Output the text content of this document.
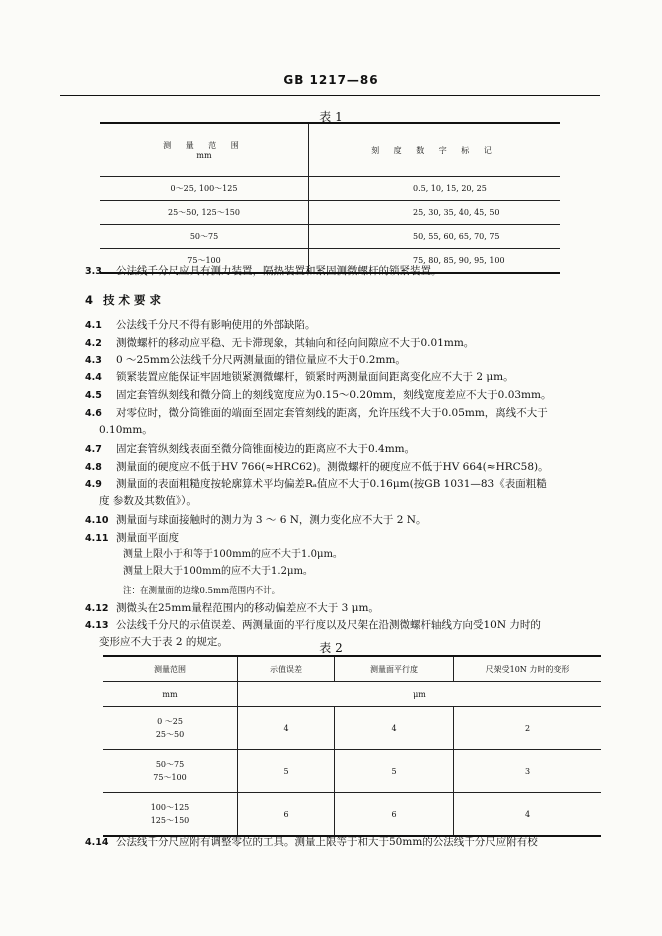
GB 1217—86
表 1
测 量 范 围
mm	刻 度 数 字 标 记
0～25, 100～125	0.5, 10, 15, 20, 25
25～50, 125～150	25, 30, 35, 40, 45, 50
50～75	50, 55, 60, 65, 70, 75
75～100	75, 80, 85, 90, 95, 100
3.3 公法线千分尺应具有测力装置，隔热装置和紧固测微螺杆的锁紧装置。
4 技 术 要 求
4.1 公法线千分尺不得有影响使用的外部缺陷。
4.2 测微螺杆的移动应平稳、无卡滞现象，其轴向和径向间隙应不大于0.01mm。
4.3 0 ～25mm公法线千分尺两测量面的错位量应不大于0.2mm。
4.4 锁紧装置应能保证牢固地锁紧测微螺杆，锁紧时两测量面间距离变化应不大于 2 μm。
4.5 固定套管纵刻线和微分筒上的刻线宽度应为0.15～0.20mm，刻线宽度差应不大于0.03mm。
4.6 对零位时，微分筒锥面的端面至固定套管刻线的距离，允许压线不大于0.05mm，离线不大于
0.10mm。
4.7 固定套管纵刻线表面至微分筒锥面棱边的距离应不大于0.4mm。
4.8 测量面的硬度应不低于HV 766(≈HRC62)。测微螺杆的硬度应不低于HV 664(≈HRC58)。
4.9 测量面的表面粗糙度按轮廓算术平均偏差Rₐ值应不大于0.16μm(按GB 1031—83《表面粗糙
度 参数及其数值》）。
4.10 测量面与球面接触时的测力为 3 ～ 6 N，测力变化应不大于 2 N。
4.11 测量面平面度
测量上限小于和等于100mm的应不大于1.0μm。
测量上限大于100mm的应不大于1.2μm。
注：在测量面的边缘0.5mm范围内不计。
4.12 测微头在25mm量程范围内的移动偏差应不大于 3 μm。
4.13 公法线千分尺的示值误差、两测量面的平行度以及尺架在沿测微螺杆轴线方向受10N 力时的
变形应不大于表 2 的规定。	表 2
测量范围	示值误差	测量面平行度	尺架受10N 力时的变形
mm	μm		

0 ～25
25～50	4	4	2

50～75
75～100	5	5	3

100～125
125～150	6	6	4
4.14 公法线千分尺应附有调整零位的工具。测量上限等于和大于50mm的公法线千分尺应附有校
